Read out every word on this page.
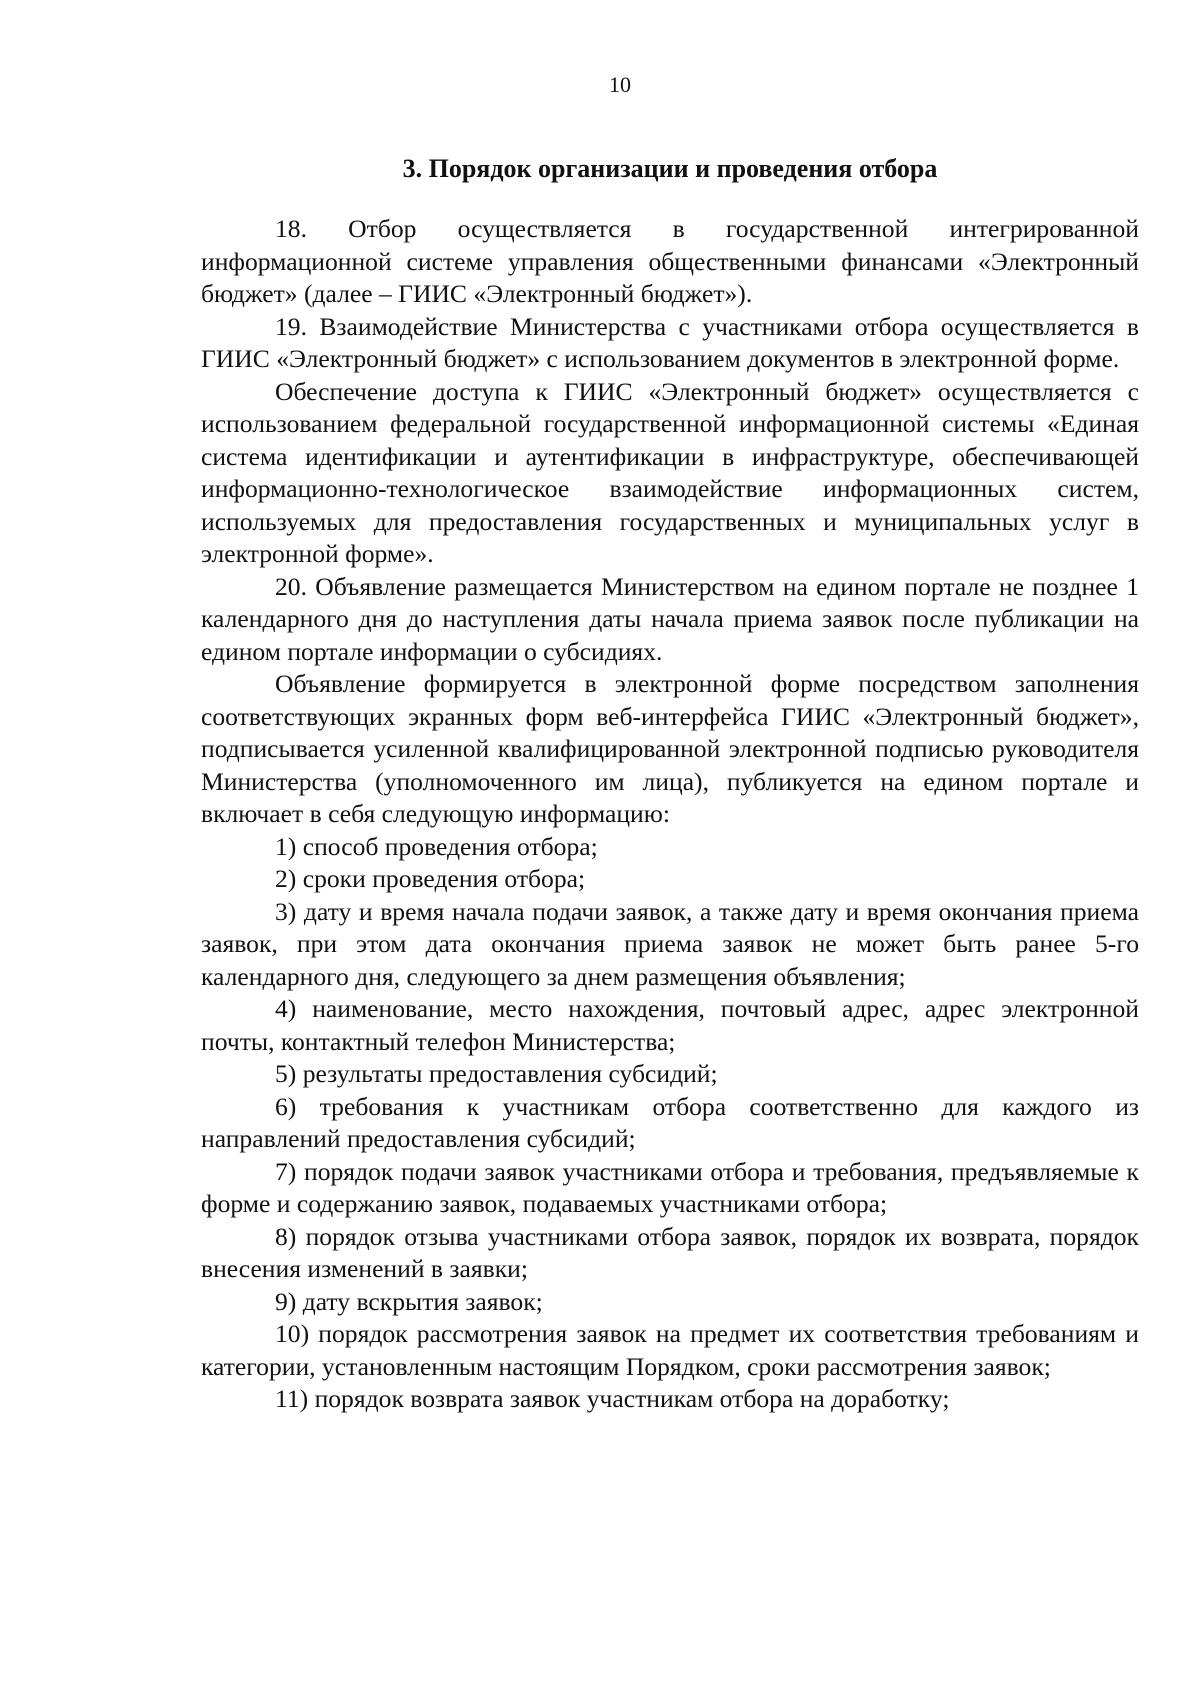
10
3. Порядок организации и проведения отбора

18. Отбор осуществляется в государственной интегрированной информационной системе управления общественными финансами «Электронный бюджет» (далее – ГИИС «Электронный бюджет»).

19. Взаимодействие Министерства с участниками отбора осуществляется в ГИИС «Электронный бюджет» с использованием документов в электронной форме.

Обеспечение доступа к ГИИС «Электронный бюджет» осуществляется с использованием федеральной государственной информационной системы «Единая система идентификации и аутентификации в инфраструктуре, обеспечивающей информационно-технологическое взаимодействие информационных систем, используемых для предоставления государственных и муниципальных услуг в электронной форме».

20. Объявление размещается Министерством на едином портале не позднее 1 календарного дня до наступления даты начала приема заявок после публикации на едином портале информации о субсидиях.

Объявление формируется в электронной форме посредством заполнения соответствующих экранных форм веб-интерфейса ГИИС «Электронный бюджет», подписывается усиленной квалифицированной электронной подписью руководителя Министерства (уполномоченного им лица), публикуется на едином портале и включает в себя следующую информацию:

1) способ проведения отбора;

2) сроки проведения отбора;

3) дату и время начала подачи заявок, а также дату и время окончания приема заявок, при этом дата окончания приема заявок не может быть ранее 5-го календарного дня, следующего за днем размещения объявления;

4) наименование, место нахождения, почтовый адрес, адрес электронной почты, контактный телефон Министерства;

5) результаты предоставления субсидий;

6) требования к участникам отбора соответственно для каждого из направлений предоставления субсидий;

7) порядок подачи заявок участниками отбора и требования, предъявляемые к форме и содержанию заявок, подаваемых участниками отбора;

8) порядок отзыва участниками отбора заявок, порядок их возврата, порядок внесения изменений в заявки;

9) дату вскрытия заявок;

10) порядок рассмотрения заявок на предмет их соответствия требованиям и категории, установленным настоящим Порядком, сроки рассмотрения заявок;

11) порядок возврата заявок участникам отбора на доработку;
